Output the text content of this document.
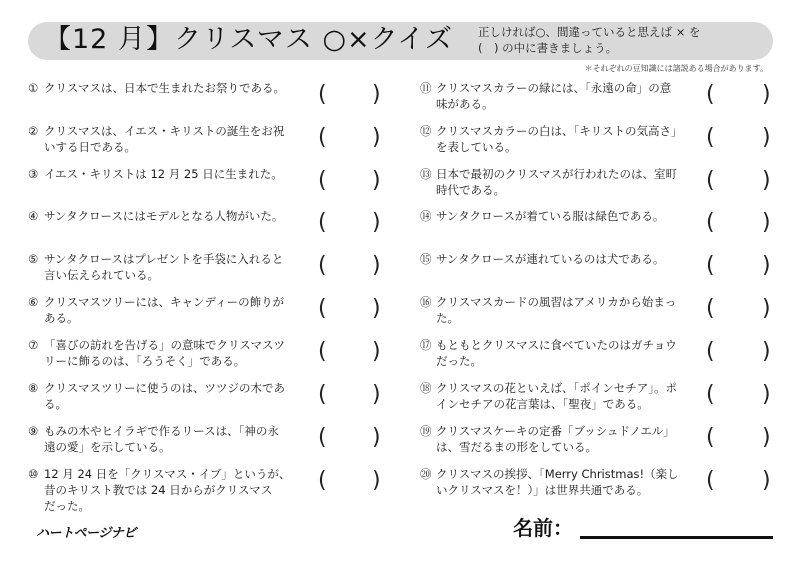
【12 月】クリスマス ○×クイズ 正しければ○、間違っていると思えば × を
(　) の中に書きましょう。
＊それぞれの豆知識には諸説ある場合があります。
① クリスマスは、日本で生まれたお祭りである。 ( )
② クリスマスは、イエス・キリストの誕生をお祝
いする日である。	( )
③ イエス・キリストは 12 月 25 日に生まれた。 ( )
④ サンタクロースにはモデルとなる人物がいた。 ( )
⑤ サンタクロースはプレゼントを手袋に入れると
言い伝えられている。	( )
⑥ クリスマスツリーには、キャンディーの飾りが
ある。	( )
⑦ 「喜びの訪れを告げる」の意味でクリスマスツ
リーに飾るのは、「ろうそく」である。	( )
⑧ クリスマスツリーに使うのは、ツツジの木であ
る。	( )
⑨ もみの木やヒイラギで作るリースは、「神の永
遠の愛」を示している。	( )
⑩ 12 月 24 日を「クリスマス・イブ」というが、
昔のキリスト教では 24 日からがクリスマス
だった。
( )
⑪ クリスマスカラーの緑には、「永遠の命」の意
味がある。	( )
⑫ クリスマスカラーの白は、「キリストの気高さ」
を表している。	( )
⑬ 日本で最初のクリスマスが行われたのは、室町
時代である。	( )
⑭ サンタクロースが着ている服は緑色である。 ( )
⑮ サンタクロースが連れているのは犬である。 ( )
⑯ クリスマスカードの風習はアメリカから始まっ
た。	( )
⑰ もともとクリスマスに食べていたのはガチョウ
だった。	( )
⑱ クリスマスの花といえば、「ポインセチア」。ポ
インセチアの花言葉は、「聖夜」である。	( )
⑲ クリスマスケーキの定番「ブッシュドノエル」
は、雪だるまの形をしている。	( )
⑳ クリスマスの挨拶、「Merry Christmas!（楽し
いクリスマスを！）」は世界共通である。	( )
ハートページナビ	名前：
